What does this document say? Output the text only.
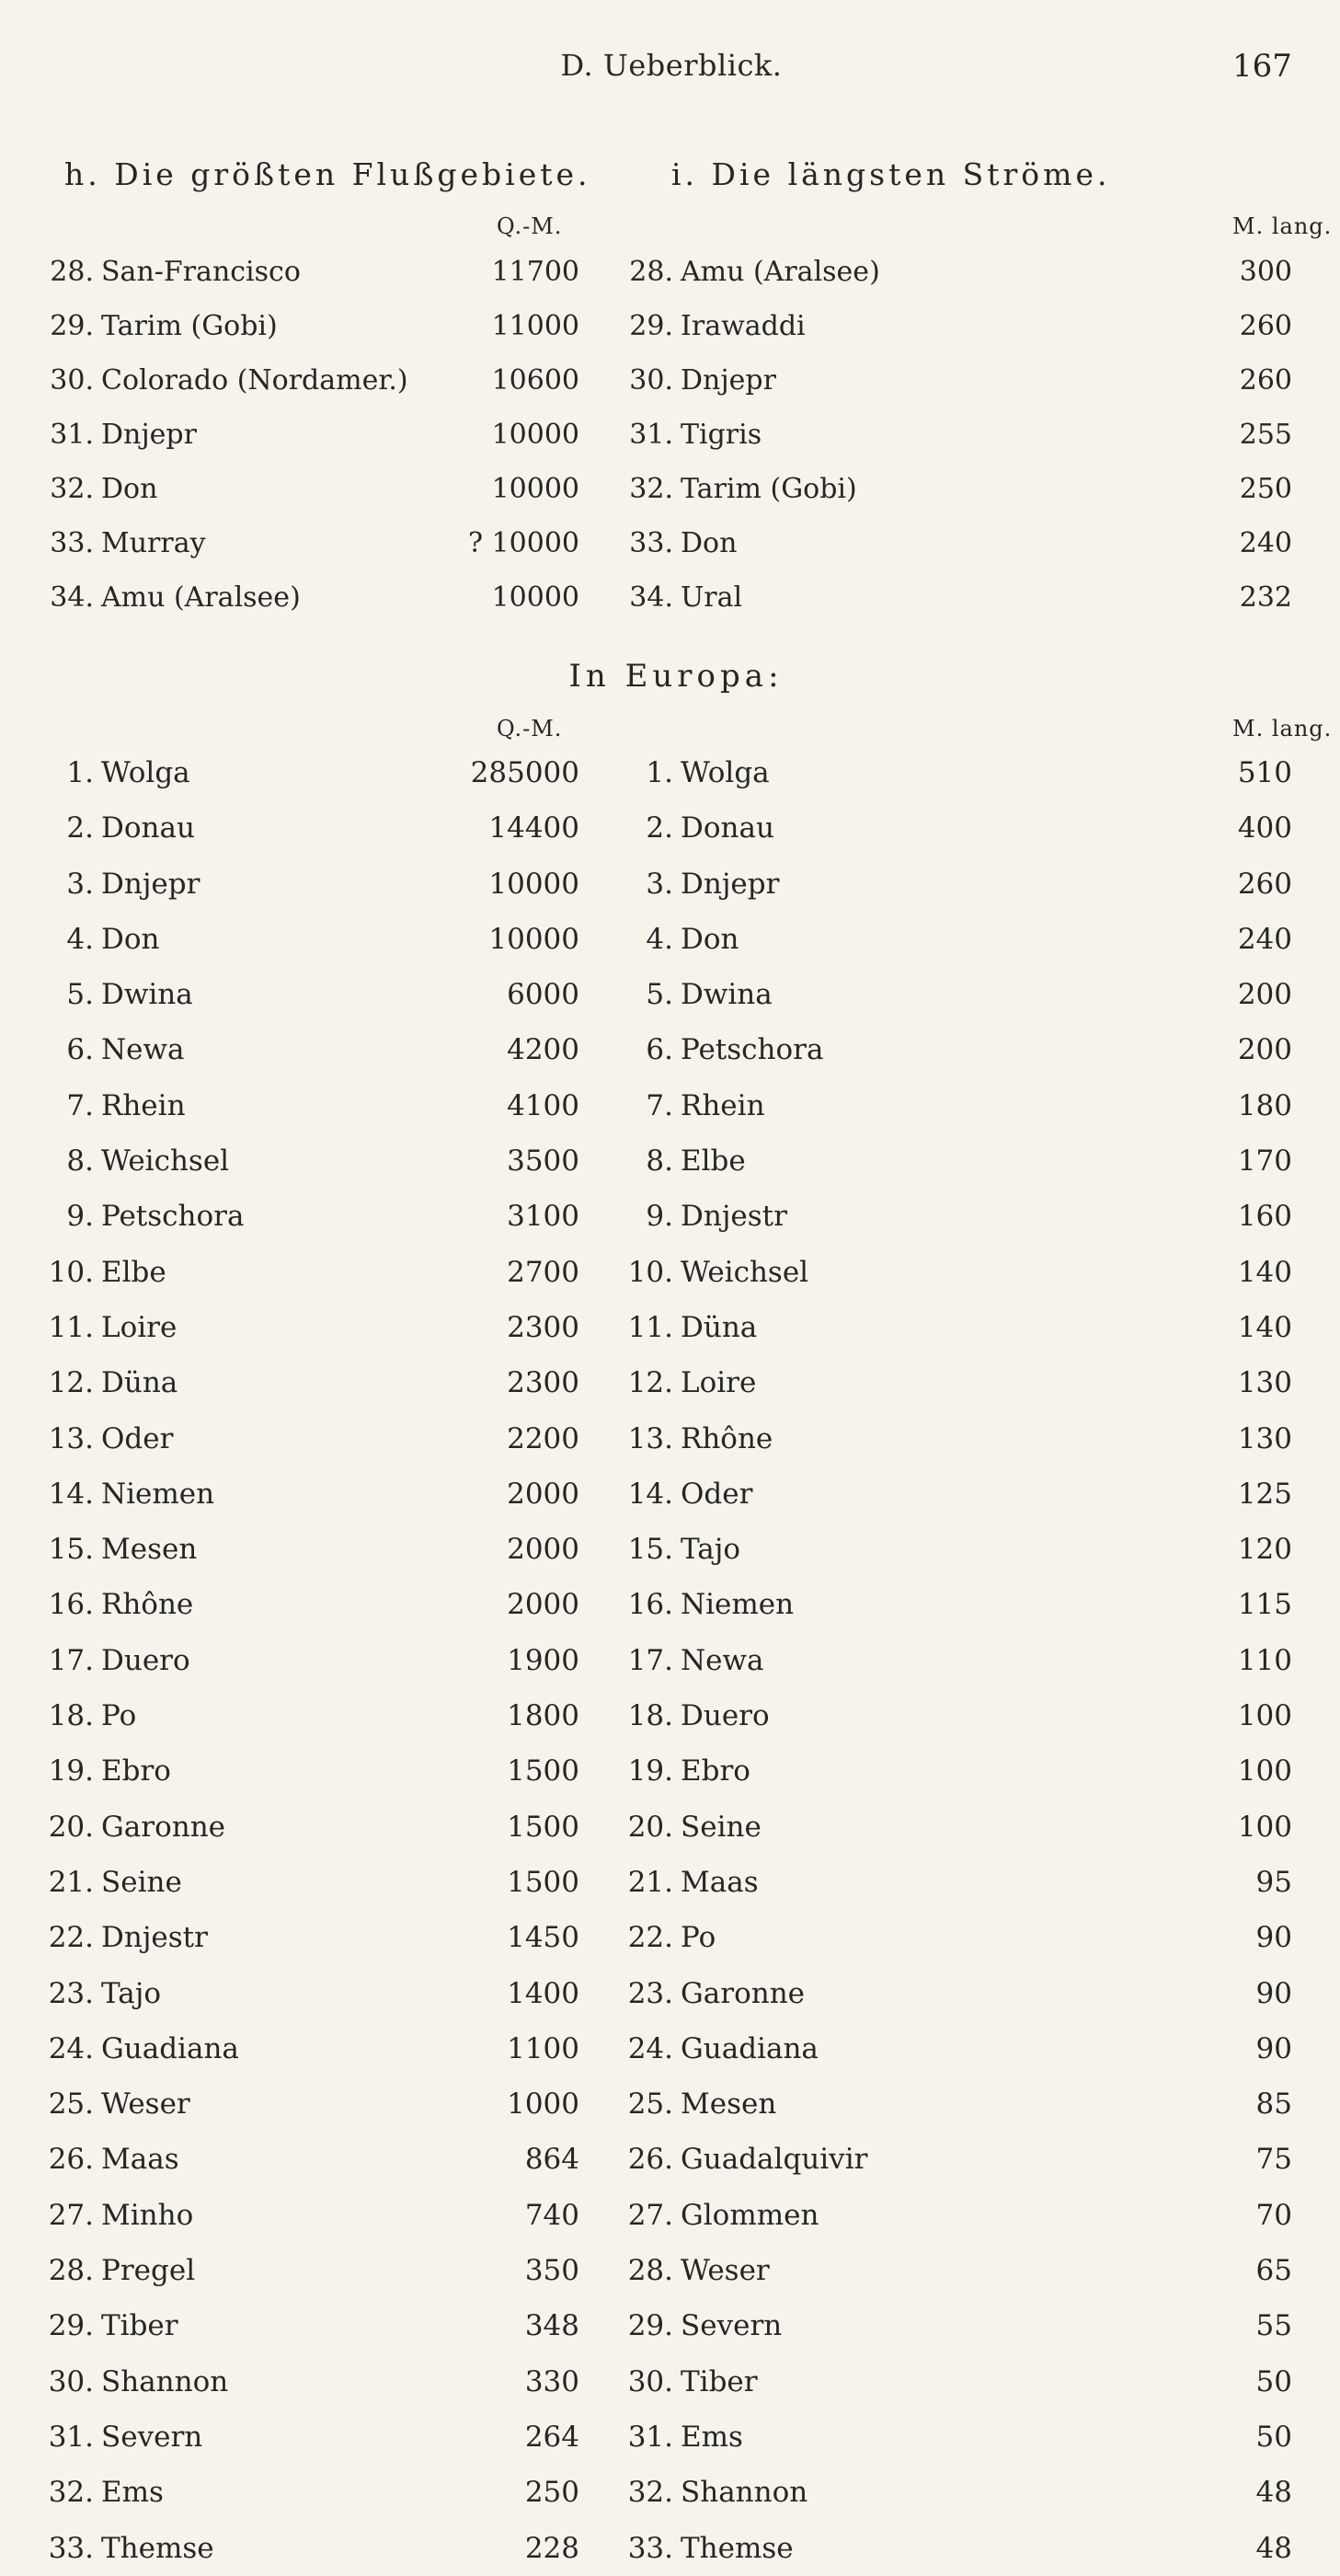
D. Ueberblick.	167
h. Die größten Flußgebiete.	i. Die längsten Ströme.
Q.-M.	M. lang.
28. San-Francisco	11700
29. Tarim (Gobi)	11000
30. Colorado (Nordamer.)	10600
31. Dnjepr	10000
32. Don	10000
33. Murray	? 10000
34. Amu (Aralsee)	10000
28. Amu (Aralsee)	300
29. Irawaddi	260
30. Dnjepr	260
31. Tigris	255
32. Tarim (Gobi)	250
33. Don	240
34. Ural	232
In Europa:
Q.-M.	M. lang.
1. Wolga	285000
2. Donau	14400
3. Dnjepr	10000
4. Don	10000
5. Dwina	6000
6. Newa	4200
7. Rhein	4100
8. Weichsel	3500
9. Petschora	3100
10. Elbe	2700
11. Loire	2300
12. Düna	2300
13. Oder	2200
14. Niemen	2000
15. Mesen	2000
16. Rhône	2000
17. Duero	1900
18. Po	1800
19. Ebro	1500
20. Garonne	1500
21. Seine	1500
22. Dnjestr	1450
23. Tajo	1400
24. Guadiana	1100
25. Weser	1000
26. Maas	864
27. Minho	740
28. Pregel	350
29. Tiber	348
30. Shannon	330
31. Severn	264
32. Ems	250
33. Themse	228
1. Wolga	510
2. Donau	400
3. Dnjepr	260
4. Don	240
5. Dwina	200
6. Petschora	200
7. Rhein	180
8. Elbe	170
9. Dnjestr	160
10. Weichsel	140
11. Düna	140
12. Loire	130
13. Rhône	130
14. Oder	125
15. Tajo	120
16. Niemen	115
17. Newa	110
18. Duero	100
19. Ebro	100
20. Seine	100
21. Maas	95
22. Po	90
23. Garonne	90
24. Guadiana	90
25. Mesen	85
26. Guadalquivir	75
27. Glommen	70
28. Weser	65
29. Severn	55
30. Tiber	50
31. Ems	50
32. Shannon	48
33. Themse	48
